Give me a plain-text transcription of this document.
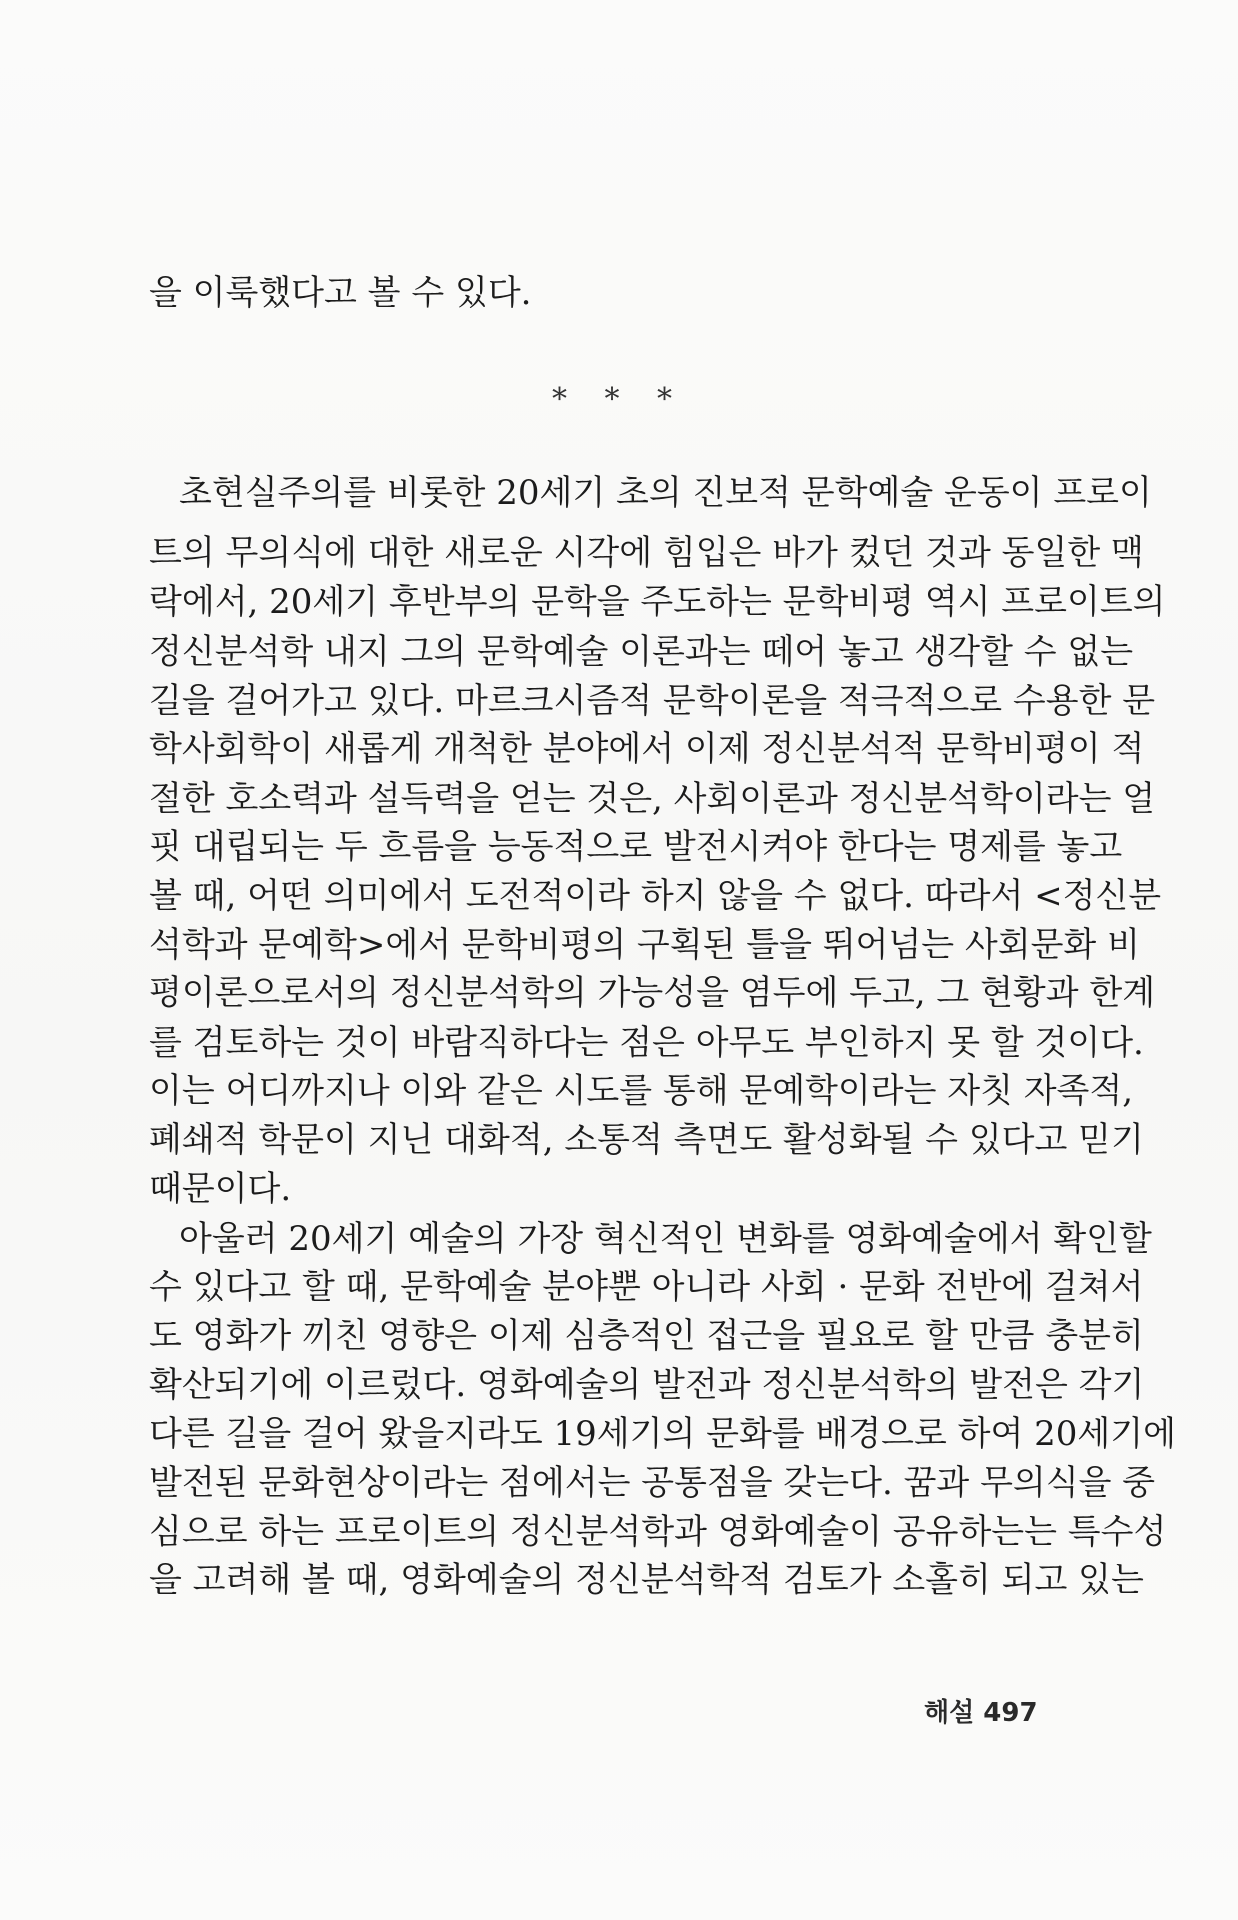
을 이룩했다고 볼 수 있다.
* * *
초현실주의를 비롯한 20세기 초의 진보적 문학예술 운동이 프로이
트의 무의식에 대한 새로운 시각에 힘입은 바가 컸던 것과 동일한 맥
락에서, 20세기 후반부의 문학을 주도하는 문학비평 역시 프로이트의
정신분석학 내지 그의 문학예술 이론과는 떼어 놓고 생각할 수 없는
길을 걸어가고 있다. 마르크시즘적 문학이론을 적극적으로 수용한 문
학사회학이 새롭게 개척한 분야에서 이제 정신분석적 문학비평이 적
절한 호소력과 설득력을 얻는 것은, 사회이론과 정신분석학이라는 얼
핏 대립되는 두 흐름을 능동적으로 발전시켜야 한다는 명제를 놓고
볼 때, 어떤 의미에서 도전적이라 하지 않을 수 없다. 따라서 <정신분
석학과 문예학>에서 문학비평의 구획된 틀을 뛰어넘는 사회문화 비
평이론으로서의 정신분석학의 가능성을 염두에 두고, 그 현황과 한계
를 검토하는 것이 바람직하다는 점은 아무도 부인하지 못 할 것이다.
이는 어디까지나 이와 같은 시도를 통해 문예학이라는 자칫 자족적,
폐쇄적 학문이 지닌 대화적, 소통적 측면도 활성화될 수 있다고 믿기
때문이다.
아울러 20세기 예술의 가장 혁신적인 변화를 영화예술에서 확인할
수 있다고 할 때, 문학예술 분야뿐 아니라 사회 · 문화 전반에 걸쳐서
도 영화가 끼친 영향은 이제 심층적인 접근을 필요로 할 만큼 충분히
확산되기에 이르렀다. 영화예술의 발전과 정신분석학의 발전은 각기
다른 길을 걸어 왔을지라도 19세기의 문화를 배경으로 하여 20세기에
발전된 문화현상이라는 점에서는 공통점을 갖는다. 꿈과 무의식을 중
심으로 하는 프로이트의 정신분석학과 영화예술이 공유하는는 특수성
을 고려해 볼 때, 영화예술의 정신분석학적 검토가 소홀히 되고 있는
해설 497
